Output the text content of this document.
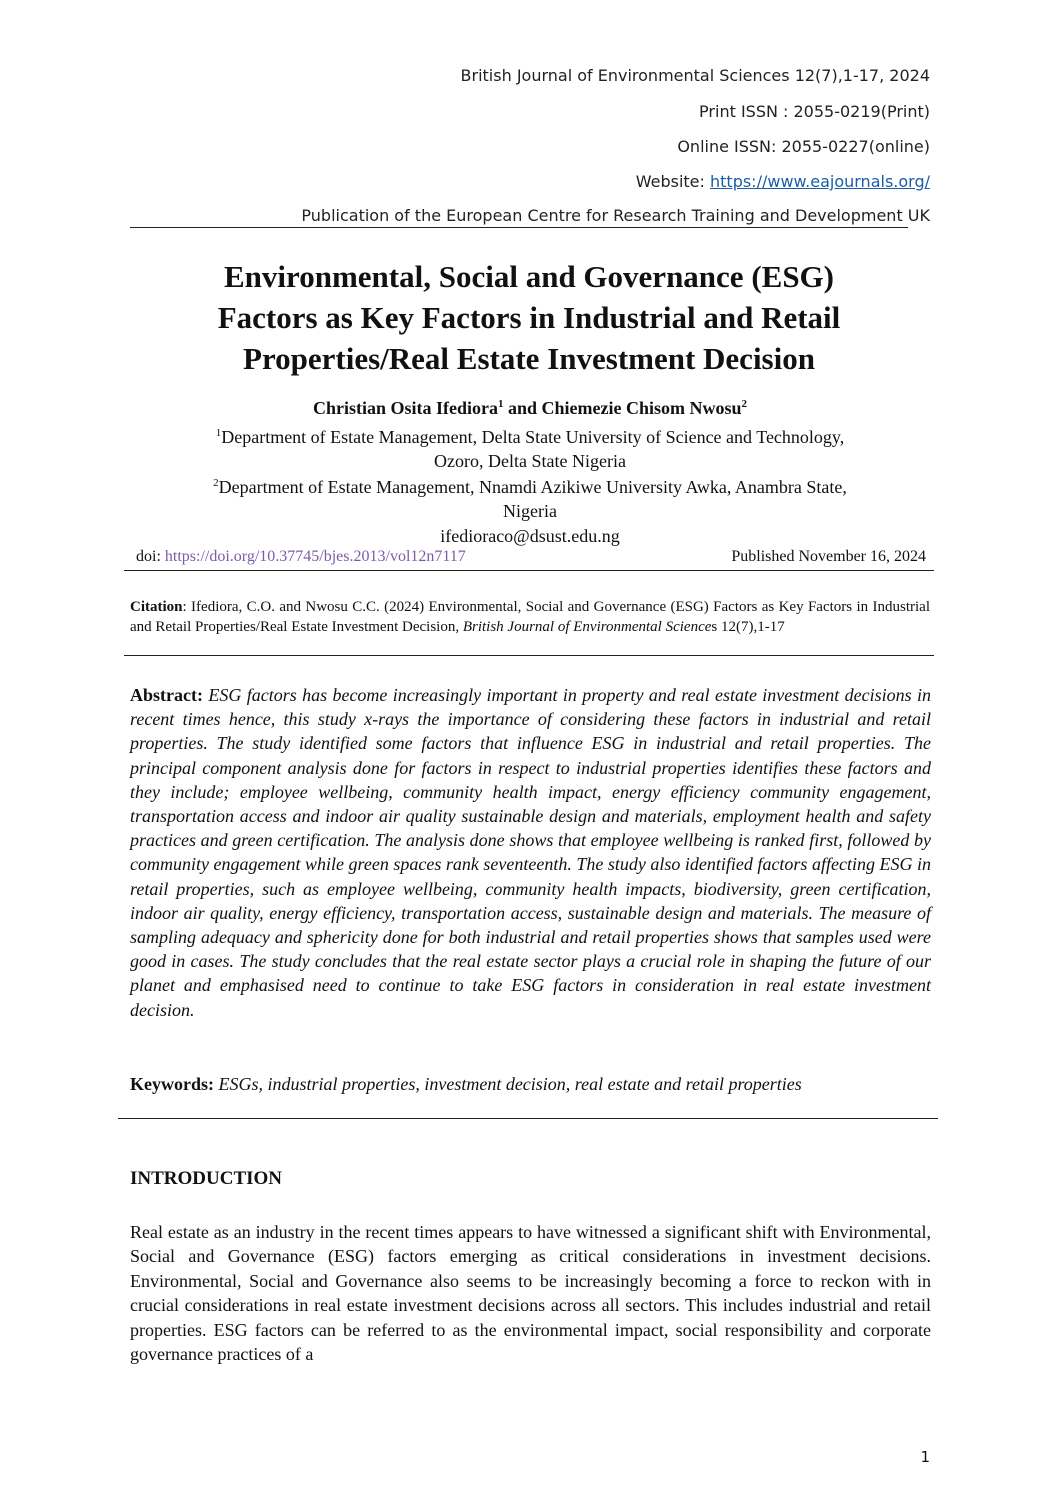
British Journal of Environmental Sciences 12(7),1-17, 2024
Print ISSN : 2055-0219(Print)
Online ISSN: 2055-0227(online)
Website: https://www.eajournals.org/
Publication of the European Centre for Research Training and Development UK
Environmental, Social and Governance (ESG)
Factors as Key Factors in Industrial and Retail
Properties/Real Estate Investment Decision
Christian Osita Ifediora$^1$ and Chiemezie Chisom Nwosu$^2$
$^1$Department of Estate Management, Delta State University of Science and Technology,
Ozoro, Delta State Nigeria
$^2$Department of Estate Management, Nnamdi Azikiwe University Awka, Anambra State,
Nigeria
ifedioraco@dsust.edu.ng
doi: https://doi.org/10.37745/bjes.2013/vol12n7117	Published November 16, 2024
Citation: Ifediora, C.O. and Nwosu C.C. (2024) Environmental, Social and Governance (ESG) Factors as Key Factors in Industrial and Retail Properties/Real Estate Investment Decision, British Journal of Environmental Sciences 12(7),1-17
Abstract: ESG factors has become increasingly important in property and real estate investment decisions in recent times hence, this study x-rays the importance of considering these factors in industrial and retail properties. The study identified some factors that influence ESG in industrial and retail properties. The principal component analysis done for factors in respect to industrial properties identifies these factors and they include; employee wellbeing, community health impact, energy efficiency community engagement, transportation access and indoor air quality sustainable design and materials, employment health and safety practices and green certification. The analysis done shows that employee wellbeing is ranked first, followed by community engagement while green spaces rank seventeenth. The study also identified factors affecting ESG in retail properties, such as employee wellbeing, community health impacts, biodiversity, green certification, indoor air quality, energy efficiency, transportation access, sustainable design and materials. The measure of sampling adequacy and sphericity done for both industrial and retail properties shows that samples used were good in cases. The study concludes that the real estate sector plays a crucial role in shaping the future of our planet and emphasised need to continue to take ESG factors in consideration in real estate investment decision.
Keywords: ESGs, industrial properties, investment decision, real estate and retail properties
INTRODUCTION
Real estate as an industry in the recent times appears to have witnessed a significant shift with Environmental, Social and Governance (ESG) factors emerging as critical considerations in investment decisions. Environmental, Social and Governance also seems to be increasingly becoming a force to reckon with in crucial considerations in real estate investment decisions across all sectors. This includes industrial and retail properties. ESG factors can be referred to as the environmental impact, social responsibility and corporate governance practices of a
1
